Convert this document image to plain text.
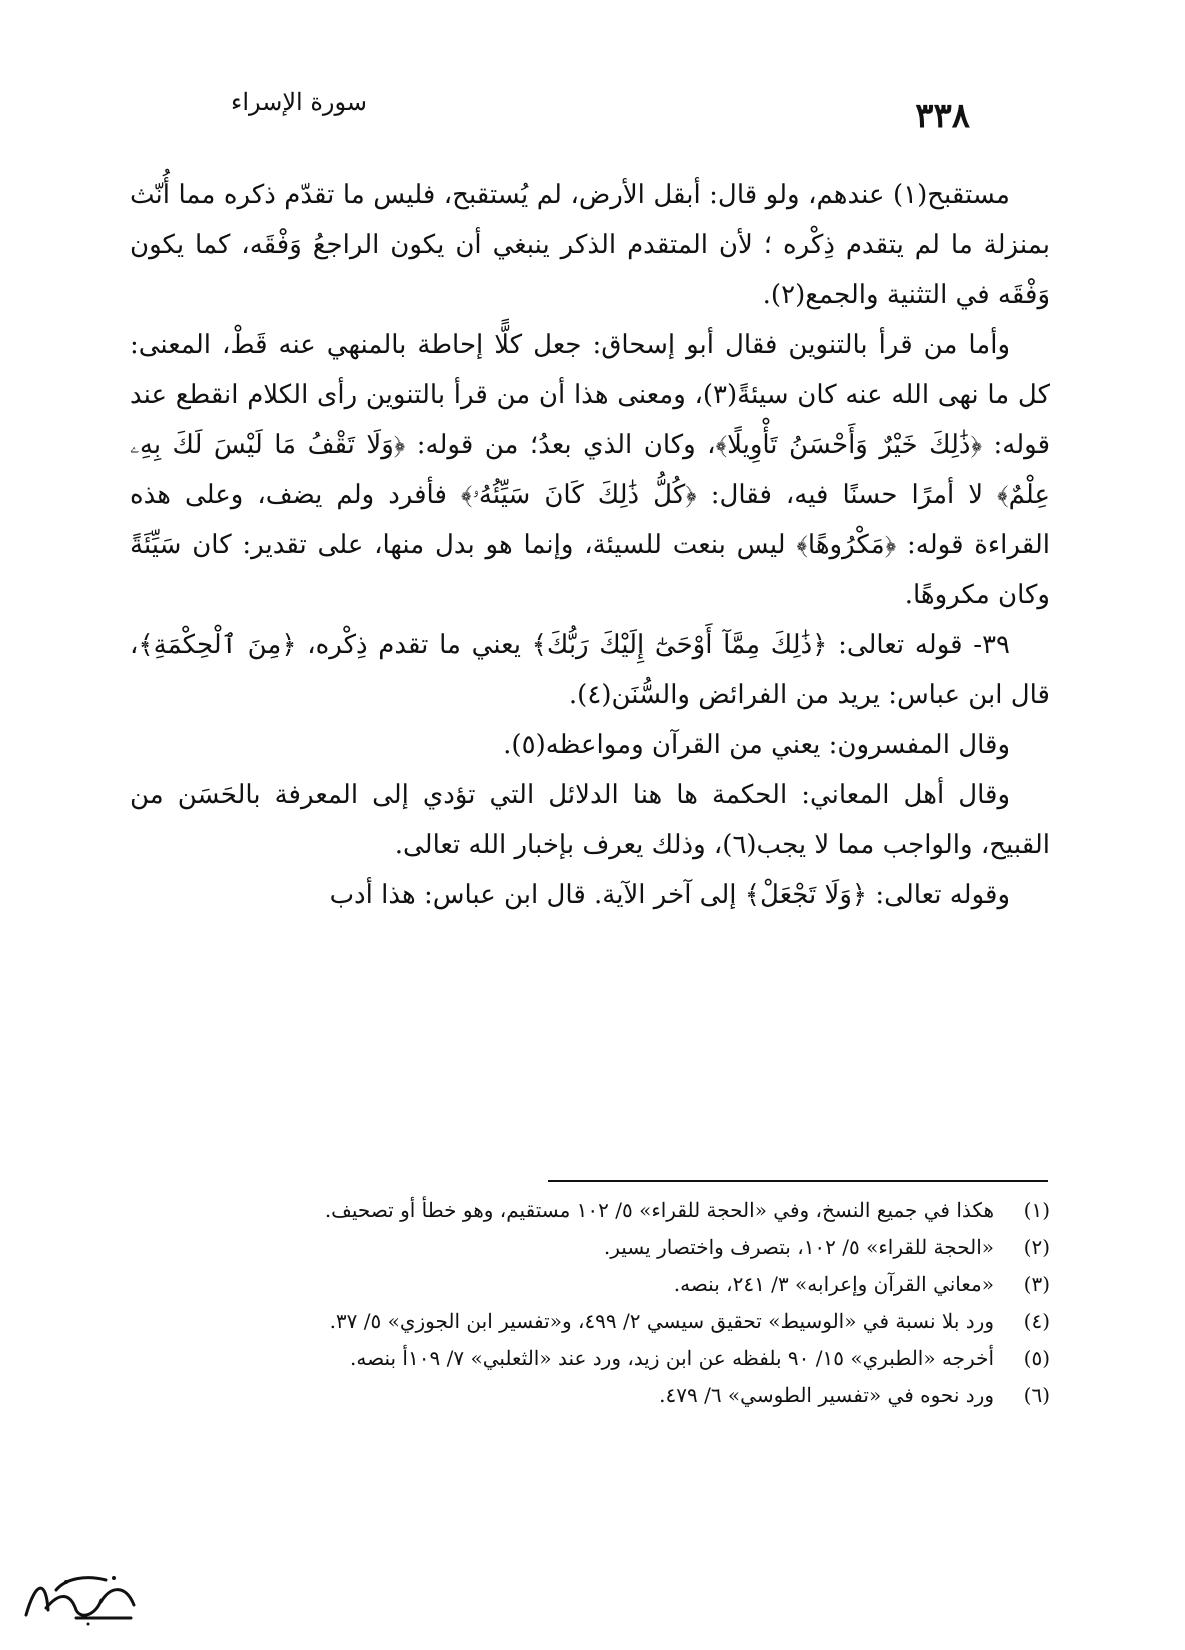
سورة الإسراء	٣٣٨

مستقبح(١) عندهم، ولو قال: أبقل الأرض، لم يُستقبح، فليس ما تقدّم ذكره مما أُنّث بمنزلة ما لم يتقدم ذِكْره ؛ لأن المتقدم الذكر ينبغي أن يكون الراجعُ وَفْقَه، كما يكون وَفْقَه في التثنية والجمع(٢).

وأما من قرأ بالتنوين فقال أبو إسحاق: جعل كلًّا إحاطة بالمنهي عنه قَطْ، المعنى: كل ما نهى الله عنه كان سيئةً(٣)، ومعنى هذا أن من قرأ بالتنوين رأى الكلام انقطع عند قوله: ﴿ذَٰلِكَ خَيْرٌ وَأَحْسَنُ تَأْوِيلًا﴾، وكان الذي بعدُ؛ من قوله: ﴿وَلَا تَقْفُ مَا لَيْسَ لَكَ بِهِۦ عِلْمٌ﴾ لا أمرًا حسنًا فيه، فقال: ﴿كُلُّ ذَٰلِكَ كَانَ سَيِّئُهُۥ﴾ فأفرد ولم يضف، وعلى هذه القراءة قوله: ﴿مَكْرُوهًا﴾ ليس بنعت للسيئة، وإنما هو بدل منها، على تقدير: كان سَيِّئَةً وكان مكروهًا.

٣٩- قوله تعالى: ﴿ذَٰلِكَ مِمَّآ أَوْحَىٰٓ إِلَيْكَ رَبُّكَ﴾ يعني ما تقدم ذِكْره، ﴿مِنَ ٱلْحِكْمَةِ﴾، قال ابن عباس: يريد من الفرائض والسُّنَن(٤).

وقال المفسرون: يعني من القرآن ومواعظه(٥).

وقال أهل المعاني: الحكمة ها هنا الدلائل التي تؤدي إلى المعرفة بالحَسَن من القبيح، والواجب مما لا يجب(٦)، وذلك يعرف بإخبار الله تعالى.

وقوله تعالى: ﴿وَلَا تَجْعَلْ﴾ إلى آخر الآية. قال ابن عباس: هذا أدب

(١)
هكذا في جميع النسخ، وفي «الحجة للقراء» ٥/ ١٠٢ مستقيم، وهو خطأ أو تصحيف.
(٢)
«الحجة للقراء» ٥/ ١٠٢، بتصرف واختصار يسير.
(٣)
«معاني القرآن وإعرابه» ٣/ ٢٤١، بنصه.
(٤)
ورد بلا نسبة في «الوسيط» تحقيق سيسي ٢/ ٤٩٩، و«تفسير ابن الجوزي» ٥/ ٣٧.
(٥)
أخرجه «الطبري» ١٥/ ٩٠ بلفظه عن ابن زيد، ورد عند «الثعلبي» ٧/ ١٠٩أ بنصه.
(٦)
ورد نحوه في «تفسير الطوسي» ٦/ ٤٧٩.
